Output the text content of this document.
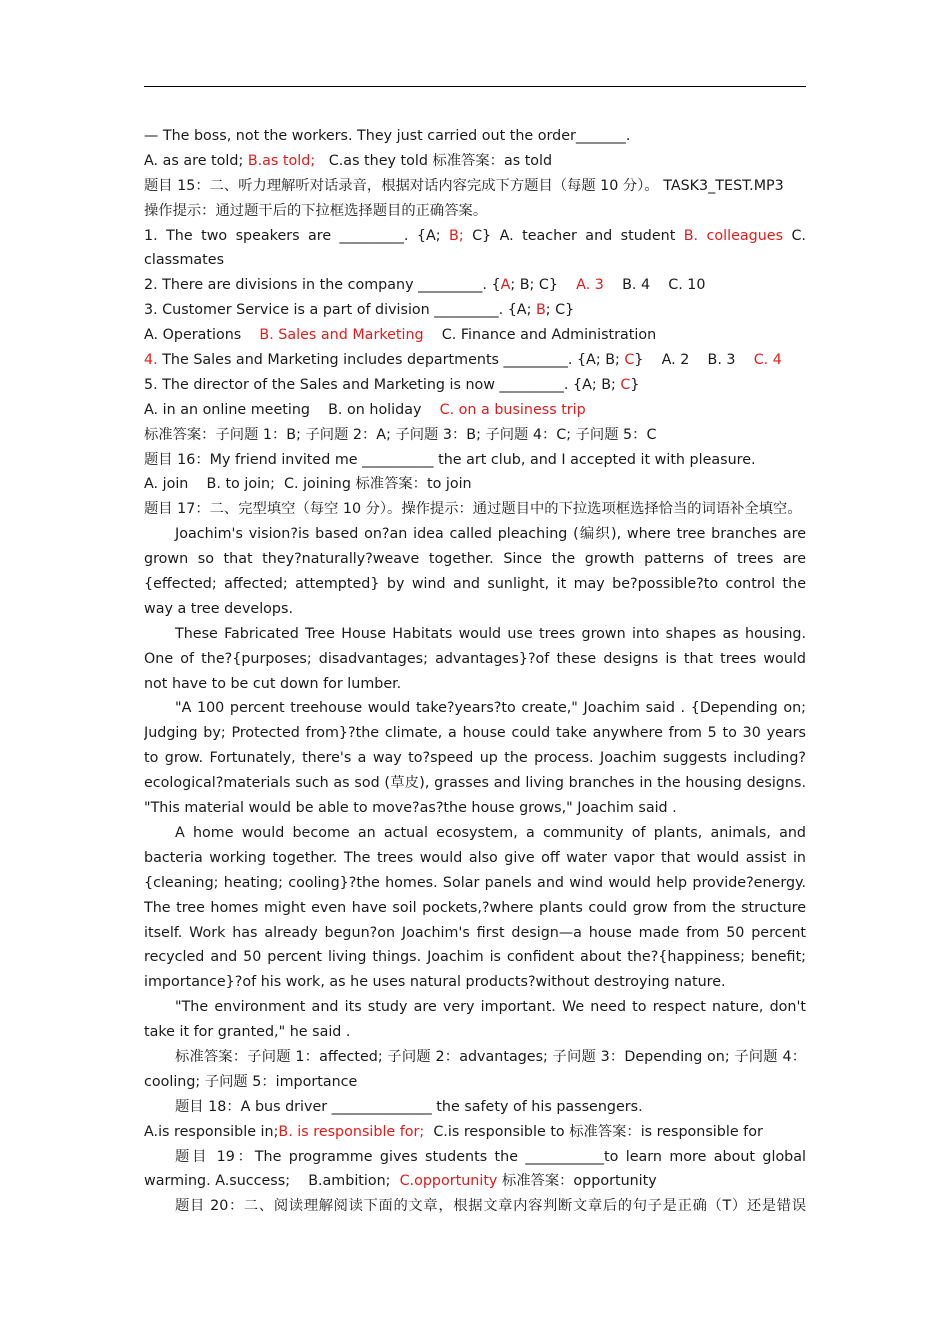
— The boss, not the workers. They just carried out the order_______.
A. as are told; B.as told;   C.as they told 标准答案：as told
题目 15：二、听力理解听对话录音，根据对话内容完成下方题目（每题 10 分）。 TASK3_TEST.MP3
操作提示：通过题干后的下拉框选择题目的正确答案。
1. The two speakers are _________. {A; B; C} A. teacher and student B. colleagues C.
classmates
2. There are divisions in the company _________. {A; B; C}    A. 3    B. 4    C. 10
3. Customer Service is a part of division _________. {A; B; C}
A. Operations    B. Sales and Marketing    C. Finance and Administration
4. The Sales and Marketing includes departments _________. {A; B; C}    A. 2    B. 3    C. 4
5. The director of the Sales and Marketing is now _________. {A; B; C}
A. in an online meeting    B. on holiday    C. on a business trip
标准答案：子问题 1：B; 子问题 2：A; 子问题 3：B; 子问题 4：C; 子问题 5：C
题目 16：My friend invited me __________ the art club, and I accepted it with pleasure.
A. join    B. to join;  C. joining 标准答案：to join
题目 17：二、完型填空（每空 10 分）。操作提示：通过题目中的下拉选项框选择恰当的词语补全填空。
Joachim's vision?is based on?an idea called pleaching (编织), where tree branches are
grown so that they?naturally?weave together. Since the growth patterns of trees are
{effected; affected; attempted} by wind and sunlight, it may be?possible?to control the
way a tree develops.
These Fabricated Tree House Habitats would use trees grown into shapes as housing.
One of the?{purposes; disadvantages; advantages}?of these designs is that trees would
not have to be cut down for lumber.
"A 100 percent treehouse would take?years?to create," Joachim said . {Depending on;
Judging by; Protected from}?the climate, a house could take anywhere from 5 to 30 years
to grow. Fortunately, there's a way to?speed up the process. Joachim suggests including?
ecological?materials such as sod (草皮), grasses and living branches in the housing designs.
"This material would be able to move?as?the house grows," Joachim said .
A home would become an actual ecosystem, a community of plants, animals, and
bacteria working together. The trees would also give off water vapor that would assist in
{cleaning; heating; cooling}?the homes. Solar panels and wind would help provide?energy.
The tree homes might even have soil pockets,?where plants could grow from the structure
itself. Work has already begun?on Joachim's first design—a house made from 50 percent
recycled and 50 percent living things. Joachim is confident about the?{happiness; benefit;
importance}?of his work, as he uses natural products?without destroying nature.
"The environment and its study are very important. We need to respect nature, don't
take it for granted," he said .
标准答案：子问题 1：affected; 子问题 2：advantages; 子问题 3：Depending on; 子问题 4：
cooling; 子问题 5：importance
题目 18：A bus driver ______________ the safety of his passengers.
A.is responsible in;B. is responsible for;  C.is responsible to 标准答案：is responsible for
题目 19：The programme gives students the ___________to learn more about global
warming. A.success;    B.ambition;  C.opportunity 标准答案：opportunity
题目 20：二、阅读理解阅读下面的文章，根据文章内容判断文章后的句子是正确（T）还是错误
